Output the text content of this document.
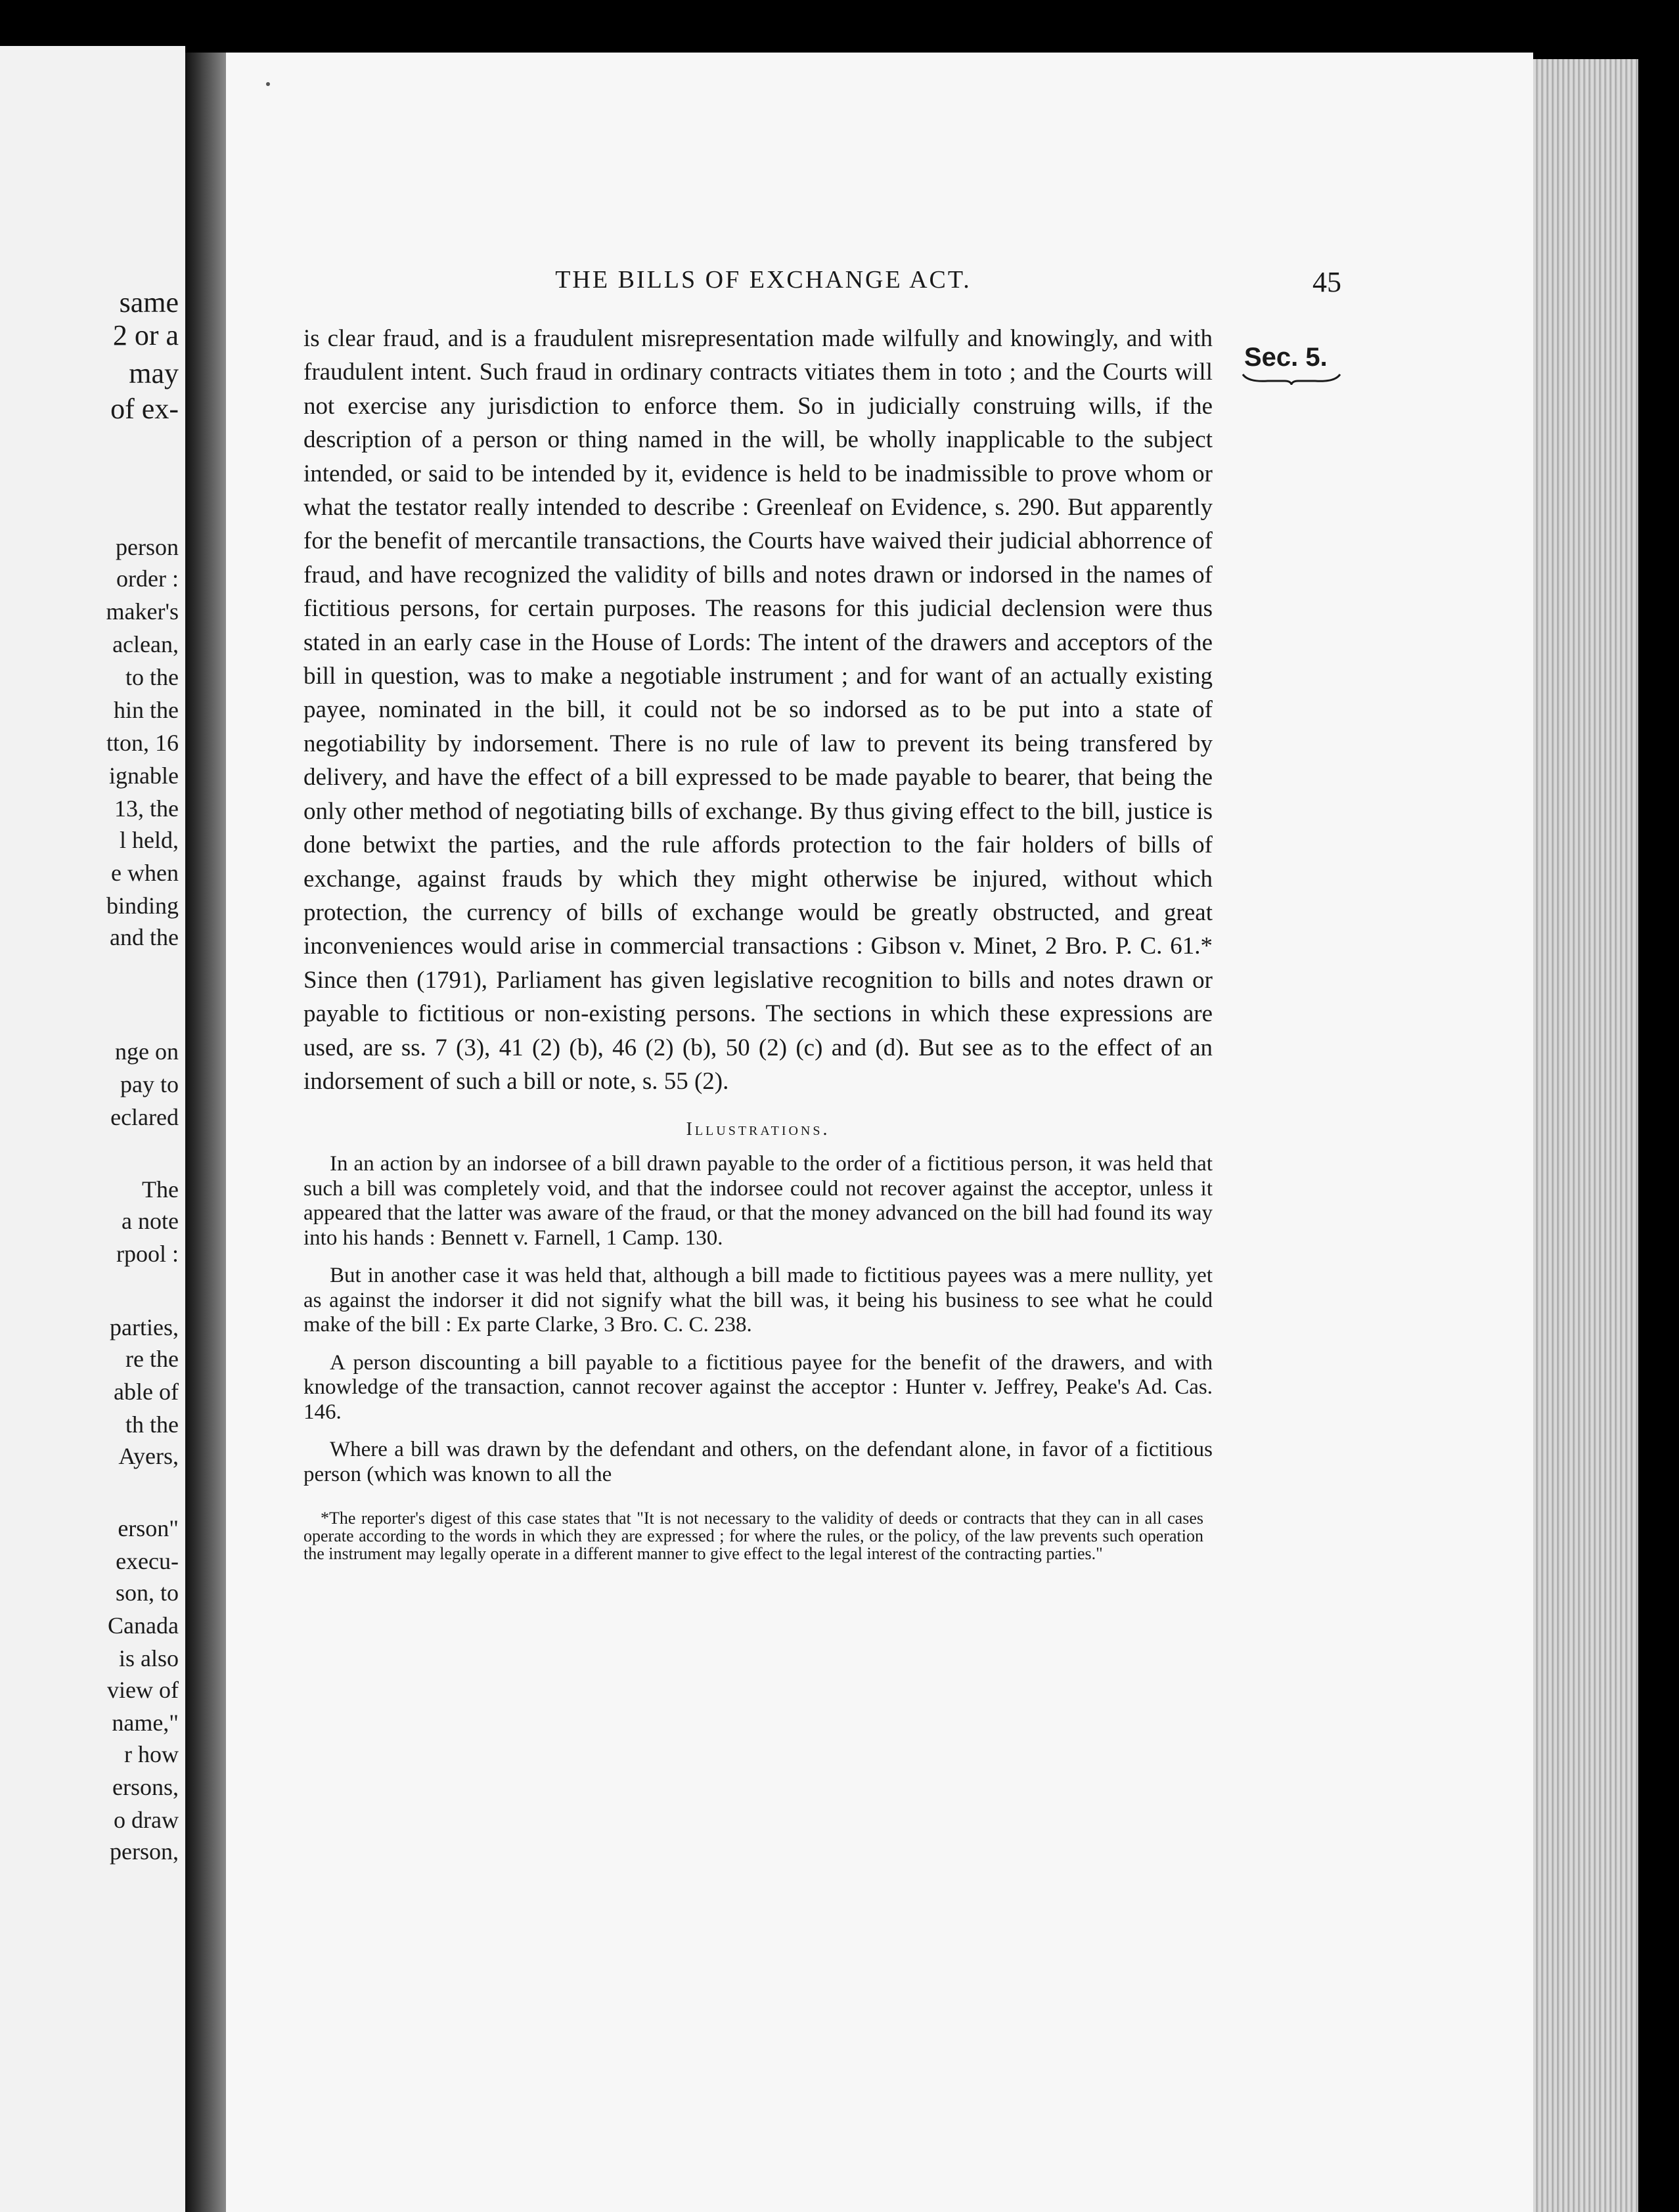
same
2 or a
may
of ex-
person
order :
maker's
aclean,
to the
hin the
tton, 16
ignable
13, the
l held,
e when
binding
and the
nge on
pay to
eclared
The
a note
rpool :
parties,
re the
able of
th the
Ayers,
erson"
execu-
son, to
Canada
is also
view of
name,"
r how
ersons,
o draw
person,
THE BILLS OF EXCHANGE ACT.	45
Sec. 5.

is clear fraud, and is a fraudulent misrepresentation made wilfully and knowingly, and with fraudulent intent. Such fraud in ordinary contracts vitiates them in toto ; and the Courts will not exercise any jurisdiction to enforce them. So in judicially construing wills, if the description of a person or thing named in the will, be wholly inapplicable to the subject intended, or said to be intended by it, evidence is held to be inadmissible to prove whom or what the testator really intended to describe : Greenleaf on Evidence, s. 290. But apparently for the benefit of mercantile transactions, the Courts have waived their judicial abhorrence of fraud, and have recognized the validity of bills and notes drawn or indorsed in the names of fictitious persons, for certain purposes. The reasons for this judicial declension were thus stated in an early case in the House of Lords: The intent of the drawers and acceptors of the bill in question, was to make a negotiable instrument ; and for want of an actually existing payee, nominated in the bill, it could not be so indorsed as to be put into a state of negotiability by indorsement. There is no rule of law to prevent its being transfered by delivery, and have the effect of a bill expressed to be made payable to bearer, that being the only other method of negotiating bills of exchange. By thus giving effect to the bill, justice is done betwixt the parties, and the rule affords protection to the fair holders of bills of exchange, against frauds by which they might otherwise be injured, without which protection, the currency of bills of exchange would be greatly obstructed, and great inconveniences would arise in commercial transactions : Gibson v. Minet, 2 Bro. P. C. 61.* Since then (1791), Parliament has given legislative recognition to bills and notes drawn or payable to fictitious or non-existing persons. The sections in which these expressions are used, are ss. 7 (3), 41 (2) (b), 46 (2) (b), 50 (2) (c) and (d). But see as to the effect of an indorsement of such a bill or note, s. 55 (2).

Illustrations.

In an action by an indorsee of a bill drawn payable to the order of a fictitious person, it was held that such a bill was completely void, and that the indorsee could not recover against the acceptor, unless it appeared that the latter was aware of the fraud, or that the money advanced on the bill had found its way into his hands : Bennett v. Farnell, 1 Camp. 130.

But in another case it was held that, although a bill made to fictitious payees was a mere nullity, yet as against the indorser it did not signify what the bill was, it being his business to see what he could make of the bill : Ex parte Clarke, 3 Bro. C. C. 238.

A person discounting a bill payable to a fictitious payee for the benefit of the drawers, and with knowledge of the transaction, cannot recover against the acceptor : Hunter v. Jeffrey, Peake's Ad. Cas. 146.

Where a bill was drawn by the defendant and others, on the defendant alone, in favor of a fictitious person (which was known to all the

*The reporter's digest of this case states that "It is not necessary to the validity of deeds or contracts that they can in all cases operate according to the words in which they are expressed ; for where the rules, or the policy, of the law prevents such operation the instrument may legally operate in a different manner to give effect to the legal interest of the contracting parties."
